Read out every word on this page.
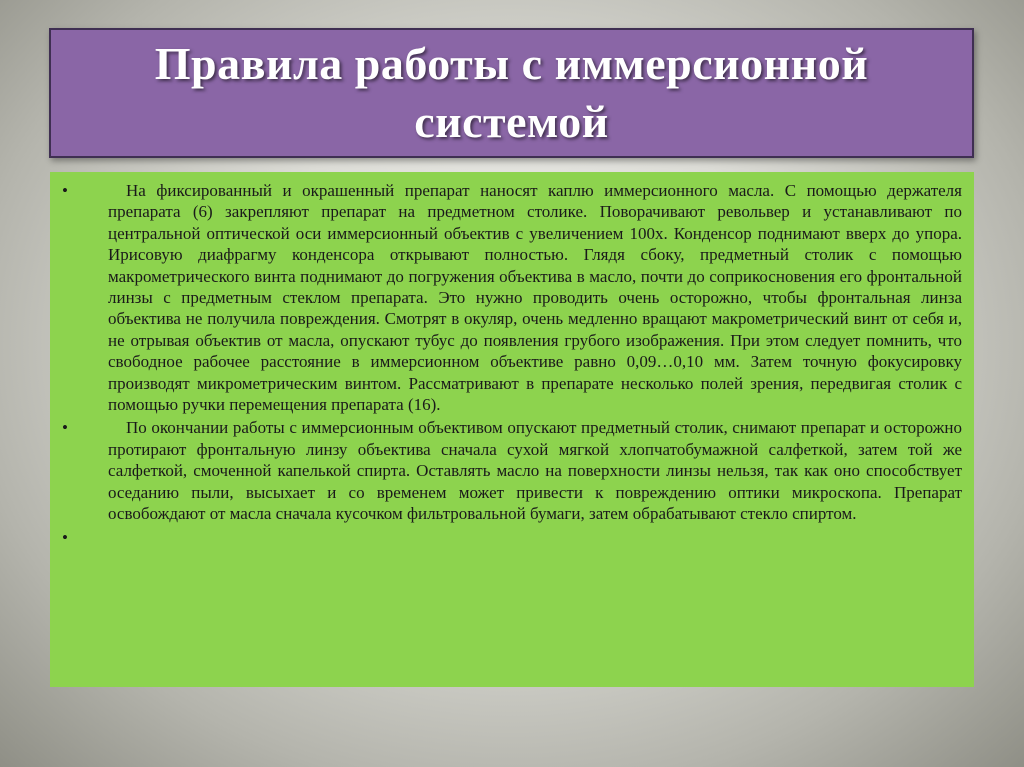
Правила работы с иммерсионной системой
•	На фиксированный и окрашенный препарат наносят каплю иммерсионного масла. С помощью держателя препарата (6) закрепляют препарат на предметном столике. Поворачивают револьвер и устанавливают по центральной оптической оси иммерсионный объектив с увеличением 100х. Конденсор поднимают вверх до упора. Ирисовую диафрагму конденсора открывают полностью. Глядя сбоку, предметный столик с помощью макрометрического винта поднимают до погружения объектива в масло, почти до соприкосновения его фронтальной линзы с предметным стеклом препарата. Это нужно проводить очень осторожно, чтобы фронтальная линза объектива не получила повреждения. Смотрят в окуляр, очень медленно вращают макрометрический винт от себя и, не отрывая объектив от масла, опускают тубус до появления грубого изображения. При этом следует помнить, что свободное рабочее расстояние в иммерсионном объективе равно 0,09…0,10 мм. Затем точную фокусировку производят микрометрическим винтом. Рассматривают в препарате несколько полей зрения, передвигая столик с помощью ручки перемещения препарата (16).
•	По окончании работы с иммерсионным объективом опускают предметный столик, снимают препарат и осторожно протирают фронтальную линзу объектива сначала сухой мягкой хлопчатобумажной салфеткой, затем той же салфеткой, смоченной капелькой спирта. Оставлять масло на поверхности линзы нельзя, так как оно способствует оседанию пыли, высыхает и со временем может привести к повреждению оптики микроскопа. Препарат освобождают от масла сначала кусочком фильтровальной бумаги, затем обрабатывают стекло спиртом.
•
